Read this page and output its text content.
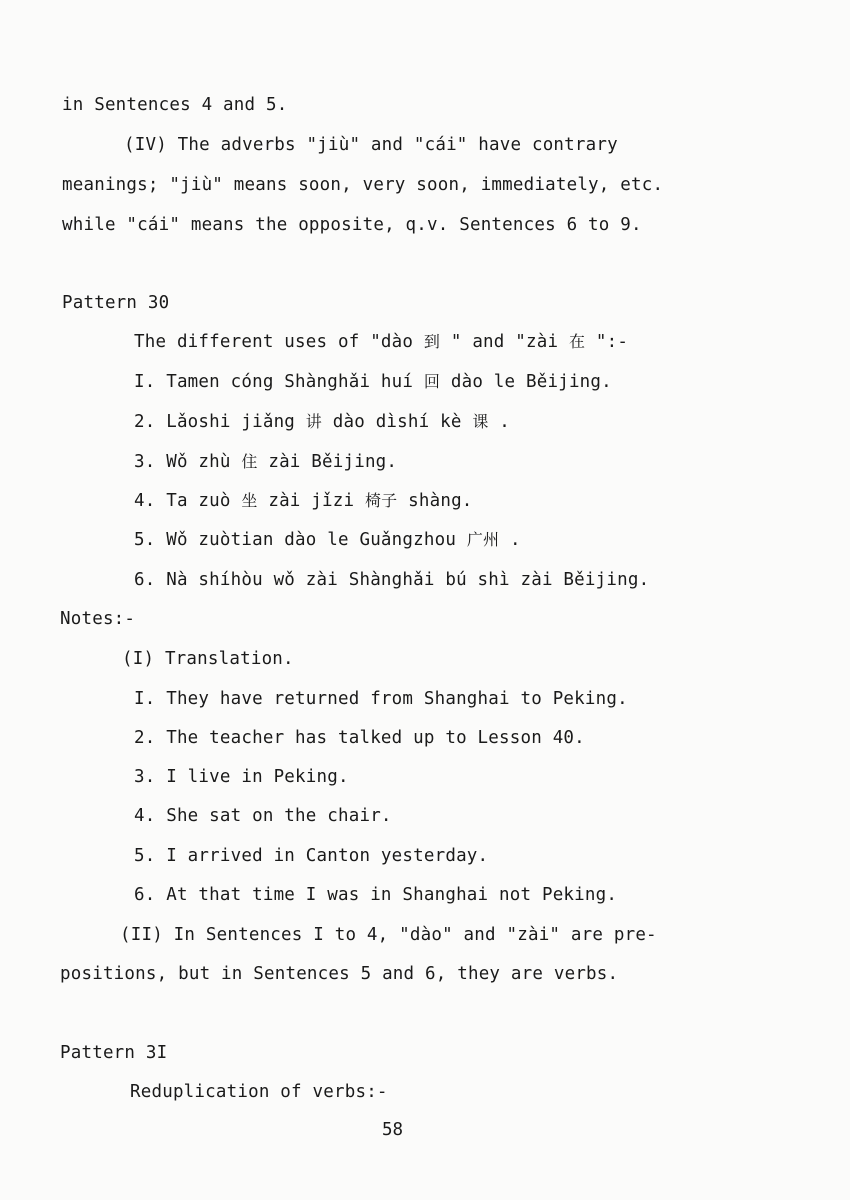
in Sentences 4 and 5.
(IV) The adverbs "jiù" and "cái" have contrary
meanings; "jiù" means soon, very soon, immediately, etc.
while "cái" means the opposite, q.v. Sentences 6 to 9.
Pattern 30
The different uses of "dào 到 " and "zài 在 ":-
I. Tamen cóng Shànghǎi huí 回 dào le Běijing.
2. Lǎoshi jiǎng 讲 dào dìshí kè 课 .
3. Wǒ zhù 住 zài Běijing.
4. Ta zuò 坐 zài jǐzi 椅子 shàng.
5. Wǒ zuòtian dào le Guǎngzhou 广州 .
6. Nà shíhòu wǒ zài Shànghǎi bú shì zài Běijing.
Notes:-
(I) Translation.
I. They have returned from Shanghai to Peking.
2. The teacher has talked up to Lesson 40.
3. I live in Peking.
4. She sat on the chair.
5. I arrived in Canton yesterday.
6. At that time I was in Shanghai not Peking.
(II) In Sentences I to 4, "dào" and "zài" are pre-
positions, but in Sentences 5 and 6, they are verbs.
Pattern 3I
Reduplication of verbs:-
58
